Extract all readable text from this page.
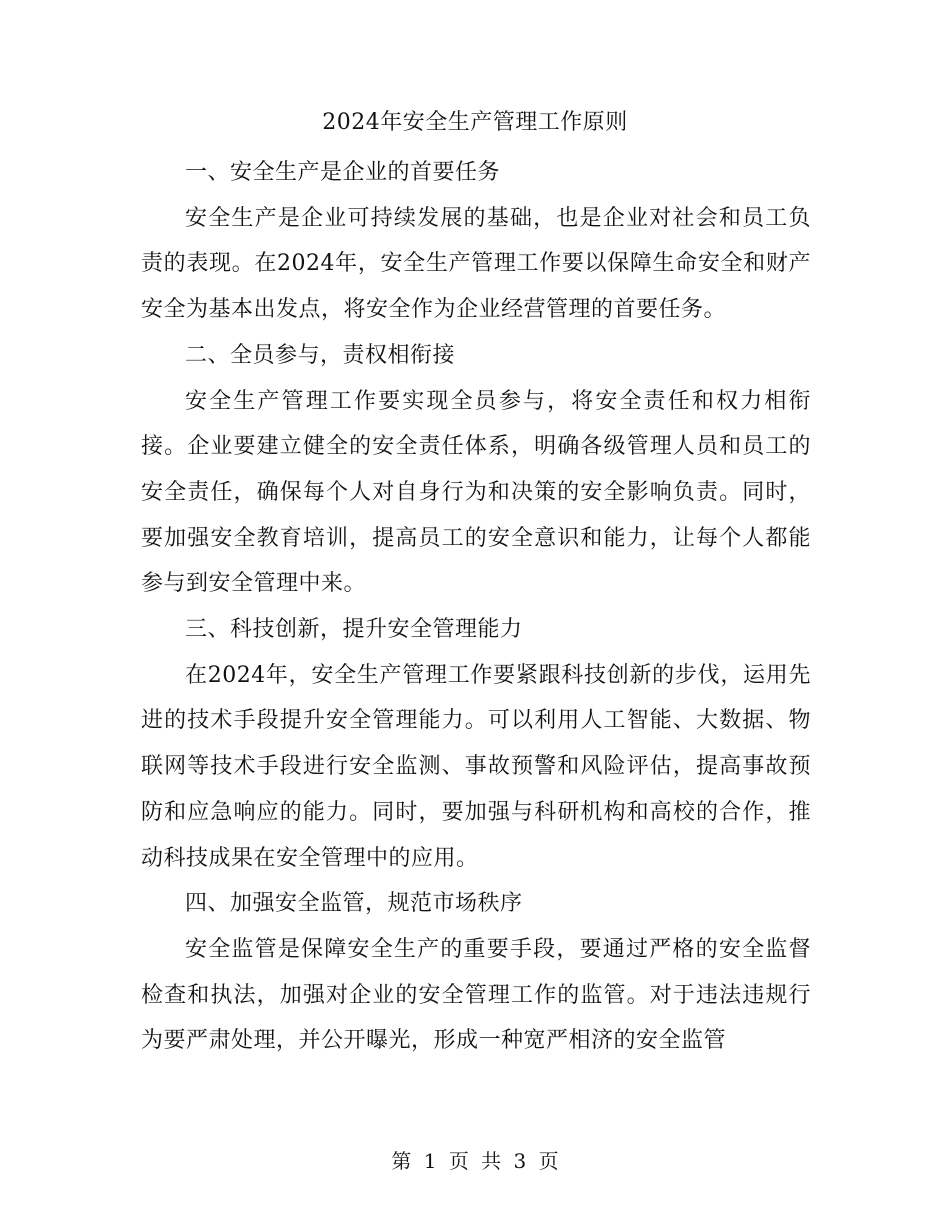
2024年安全生产管理工作原则

一、安全生产是企业的首要任务

安全生产是企业可持续发展的基础，也是企业对社会和员工负责的表现。在2024年，安全生产管理工作要以保障生命安全和财产安全为基本出发点，将安全作为企业经营管理的首要任务。

二、全员参与，责权相衔接

安全生产管理工作要实现全员参与，将安全责任和权力相衔接。企业要建立健全的安全责任体系，明确各级管理人员和员工的安全责任，确保每个人对自身行为和决策的安全影响负责。同时，要加强安全教育培训，提高员工的安全意识和能力，让每个人都能参与到安全管理中来。

三、科技创新，提升安全管理能力

在2024年，安全生产管理工作要紧跟科技创新的步伐，运用先进的技术手段提升安全管理能力。可以利用人工智能、大数据、物联网等技术手段进行安全监测、事故预警和风险评估，提高事故预防和应急响应的能力。同时，要加强与科研机构和高校的合作，推动科技成果在安全管理中的应用。

四、加强安全监管，规范市场秩序

安全监管是保障安全生产的重要手段，要通过严格的安全监督检查和执法，加强对企业的安全管理工作的监管。对于违法违规行为要严肃处理，并公开曝光，形成一种宽严相济的安全监管

第 1 页 共 3 页
